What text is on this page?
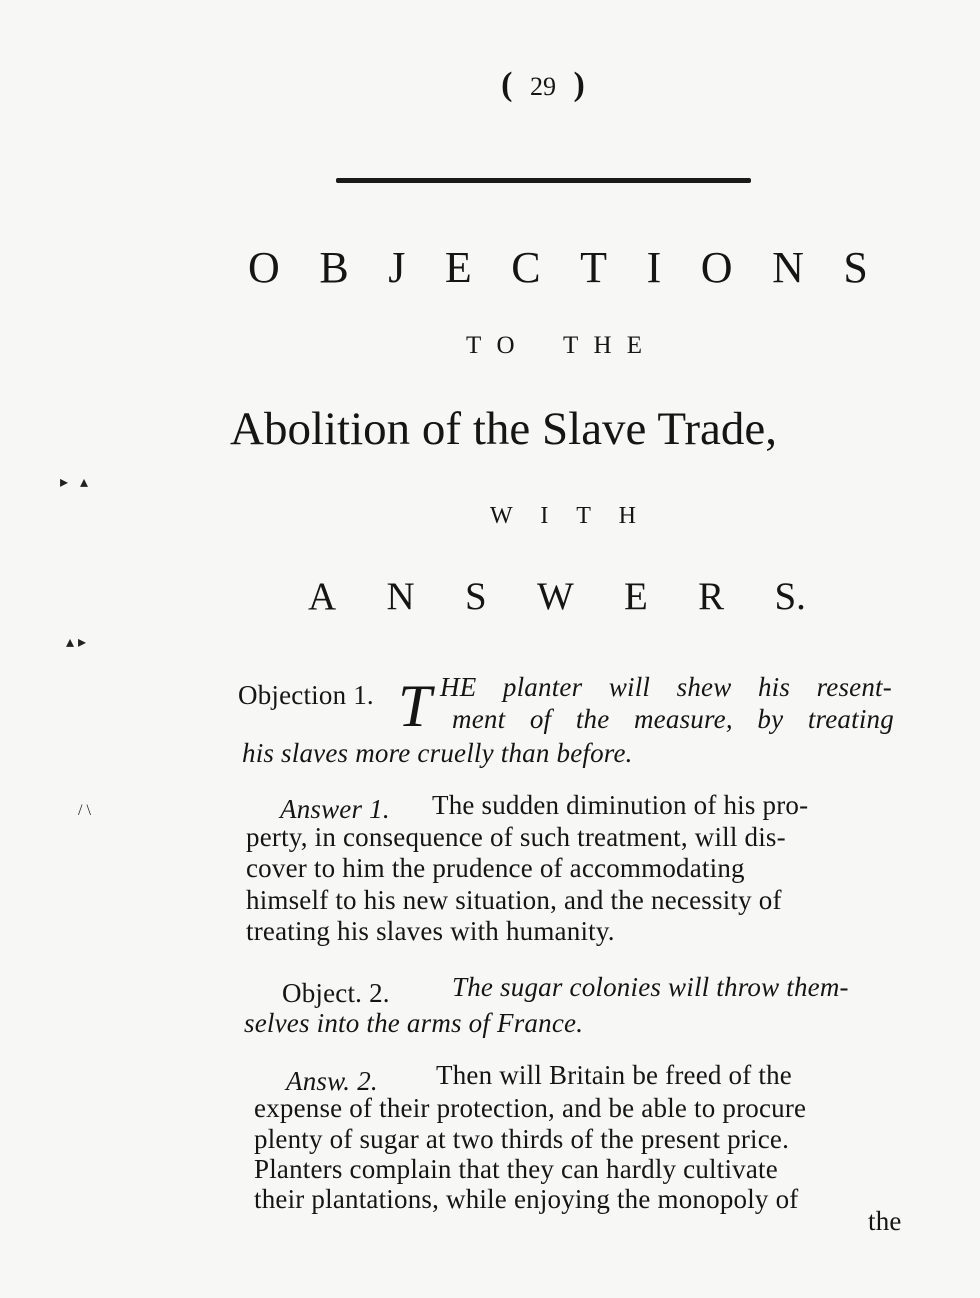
( 29 )
O B J E C T I O N S
T O T H E
Abolition of the Slave Trade,
W I T H
A N S W E R S.
▸   ▴
▴ ▸
/ \
Objection 1. T HE planter will shew his resent-
ment of the measure, by treating
his slaves more cruelly than before.
Answer 1. The sudden diminution of his pro-
perty, in consequence of such treatment, will dis-
cover to him the prudence of accommodating
himself to his new situation, and the necessity of
treating his slaves with humanity.
Object. 2. The sugar colonies will throw them-
selves into the arms of France.
Answ. 2. Then will Britain be freed of the
expense of their protection, and be able to procure
plenty of sugar at two thirds of the present price.
Planters complain that they can hardly cultivate
their plantations, while enjoying the monopoly of
the
